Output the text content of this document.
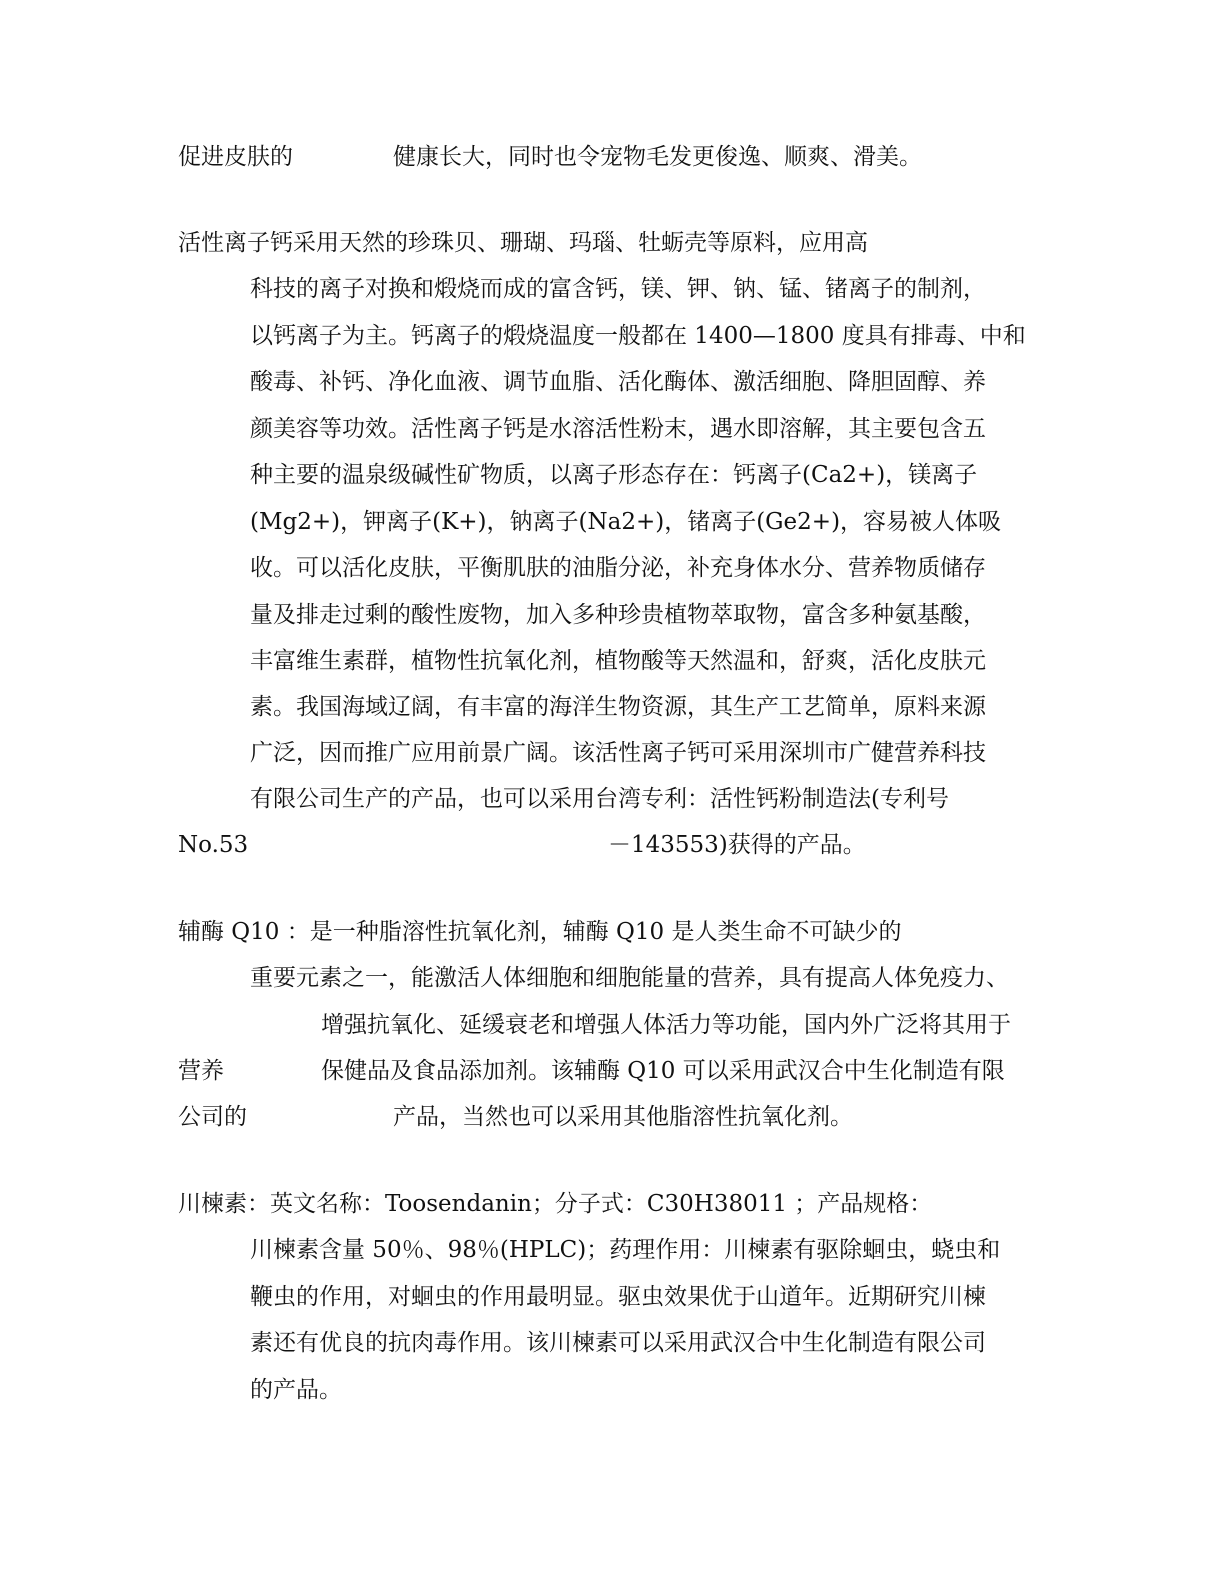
促进皮肤的	健康长大，同时也令宠物毛发更俊逸、顺爽、滑美。

活性离子钙采用天然的珍珠贝、珊瑚、玛瑙、牡蛎壳等原料，应用高

科技的离子对换和煅烧而成的富含钙，镁、钾、钠、锰、锗离子的制剂，

以钙离子为主。钙离子的煅烧温度一般都在 1400—1800 度具有排毒、中和

酸毒、补钙、净化血液、调节血脂、活化酶体、激活细胞、降胆固醇、养

颜美容等功效。活性离子钙是水溶活性粉末，遇水即溶解，其主要包含五

种主要的温泉级碱性矿物质，以离子形态存在：钙离子(Ca2+)，镁离子

(Mg2+)，钾离子(K+)，钠离子(Na2+)，锗离子(Ge2+)，容易被人体吸

收。可以活化皮肤，平衡肌肤的油脂分泌，补充身体水分、营养物质储存

量及排走过剩的酸性废物，加入多种珍贵植物萃取物，富含多种氨基酸，

丰富维生素群，植物性抗氧化剂，植物酸等天然温和，舒爽，活化皮肤元

素。我国海域辽阔，有丰富的海洋生物资源，其生产工艺简单，原料来源

广泛，因而推广应用前景广阔。该活性离子钙可采用深圳市广健营养科技

有限公司生产的产品，也可以采用台湾专利：活性钙粉制造法(专利号

No.53	－143553)获得的产品。

辅酶 Q10 ：是一种脂溶性抗氧化剂，辅酶 Q10 是人类生命不可缺少的

重要元素之一，能激活人体细胞和细胞能量的营养，具有提高人体免疫力、

增强抗氧化、延缓衰老和增强人体活力等功能，国内外广泛将其用于

营养	保健品及食品添加剂。该辅酶 Q10 可以采用武汉合中生化制造有限

公司的	产品，当然也可以采用其他脂溶性抗氧化剂。

川楝素：英文名称：Toosendanin；分子式：C30H38011 ；产品规格：

川楝素含量 50％、98％(HPLC)；药理作用：川楝素有驱除蛔虫，蛲虫和

鞭虫的作用，对蛔虫的作用最明显。驱虫效果优于山道年。近期研究川楝

素还有优良的抗肉毒作用。该川楝素可以采用武汉合中生化制造有限公司

的产品。
